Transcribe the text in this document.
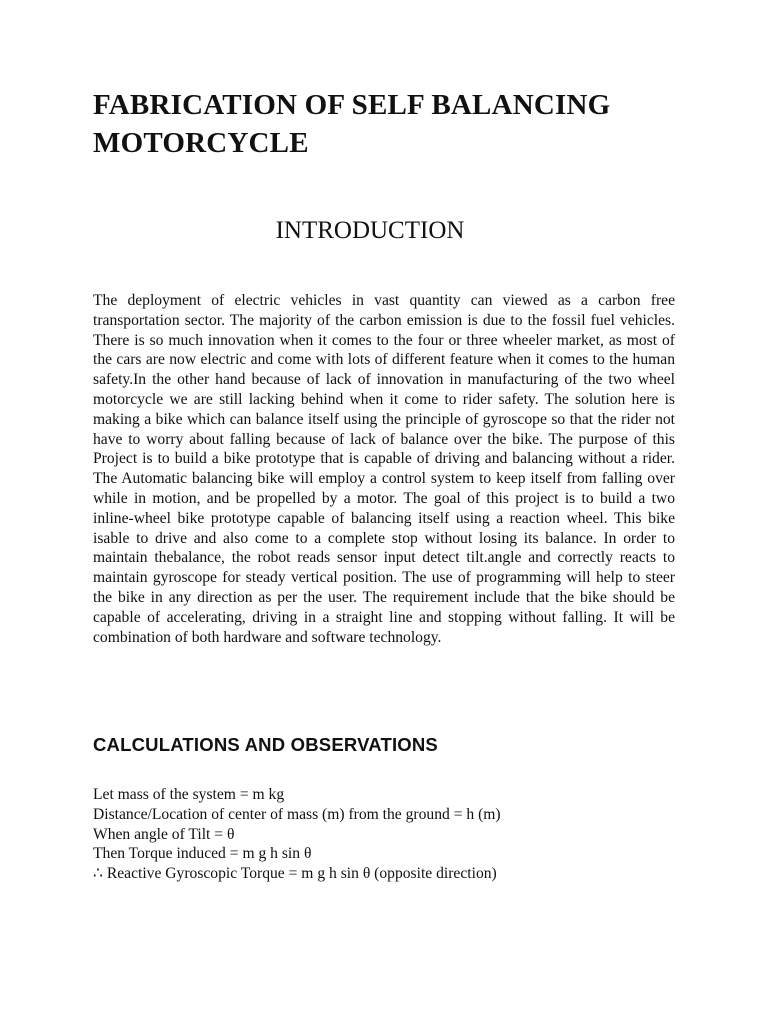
FABRICATION OF SELF BALANCING MOTORCYCLE
INTRODUCTION

The deployment of electric vehicles in vast quantity can viewed as a carbon free transportation sector. The majority of the carbon emission is due to the fossil fuel vehicles. There is so much innovation when it comes to the four or three wheeler market, as most of the cars are now electric and come with lots of different feature when it comes to the human safety.In the other hand because of lack of innovation in manufacturing of the two wheel motorcycle we are still lacking behind when it come to rider safety. The solution here is making a bike which can balance itself using the principle of gyroscope so that the rider not have to worry about falling because of lack of balance over the bike. The purpose of this Project is to build a bike prototype that is capable of driving and balancing without a rider. The Automatic balancing bike will employ a control system to keep itself from falling over while in motion, and be propelled by a motor. The goal of this project is to build a two inline-wheel bike prototype capable of balancing itself using a reaction wheel. This bike isable to drive and also come to a complete stop without losing its balance. In order to maintain thebalance, the robot reads sensor input detect tilt.angle and correctly reacts to maintain gyroscope for steady vertical position. The use of programming will help to steer the bike in any direction as per the user. The requirement include that the bike should be capable of accelerating, driving in a straight line and stopping without falling. It will be combination of both hardware and software technology.

CALCULATIONS AND OBSERVATIONS
Let mass of the system = m kg
Distance/Location of center of mass (m) from the ground = h (m)
When angle of Tilt = θ
Then Torque induced = m g h sin θ
∴ Reactive Gyroscopic Torque = m g h sin θ (opposite direction)
